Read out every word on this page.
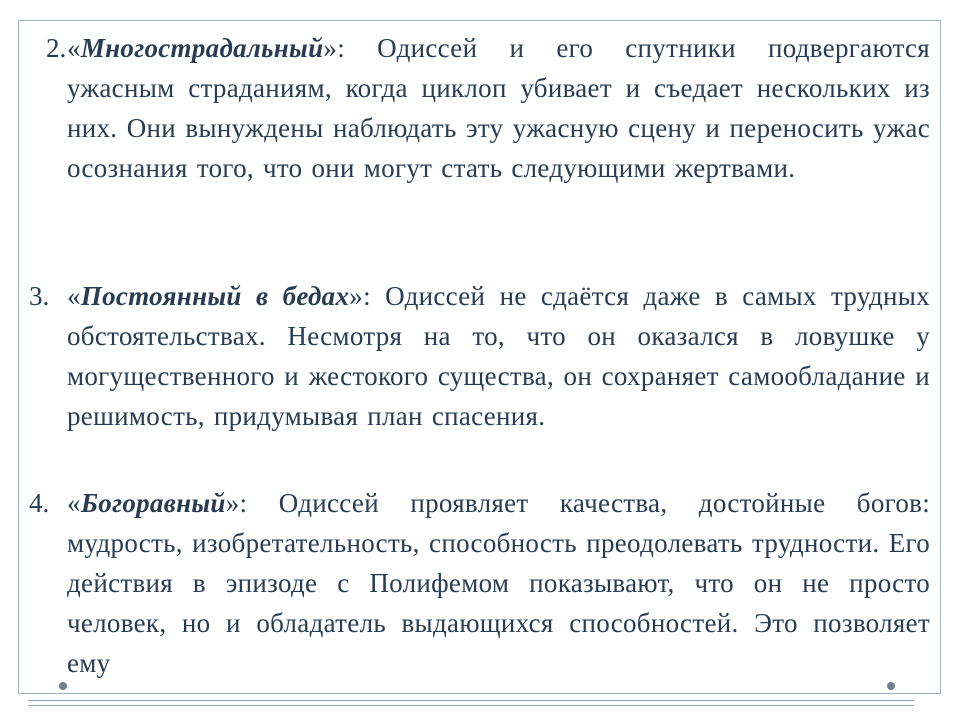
2. «Многострадальный»: Одиссей и его спутники подвергаются ужасным страданиям, когда циклоп убивает и съедает нескольких из них. Они вынуждены наблюдать эту ужасную сцену и переносить ужас осознания того, что они могут стать следующими жертвами.
3. «Постоянный в бедах»: Одиссей не сдаётся даже в самых трудных обстоятельствах. Несмотря на то, что он оказался в ловушке у могущественного и жестокого существа, он сохраняет самообладание и решимость, придумывая план спасения.
4. «Богоравный»: Одиссей проявляет качества, достойные богов: мудрость, изобретательность, способность преодолевать трудности. Его действия в эпизоде с Полифемом показывают, что он не просто человек, но и обладатель выдающихся способностей. Это позволяет ему
